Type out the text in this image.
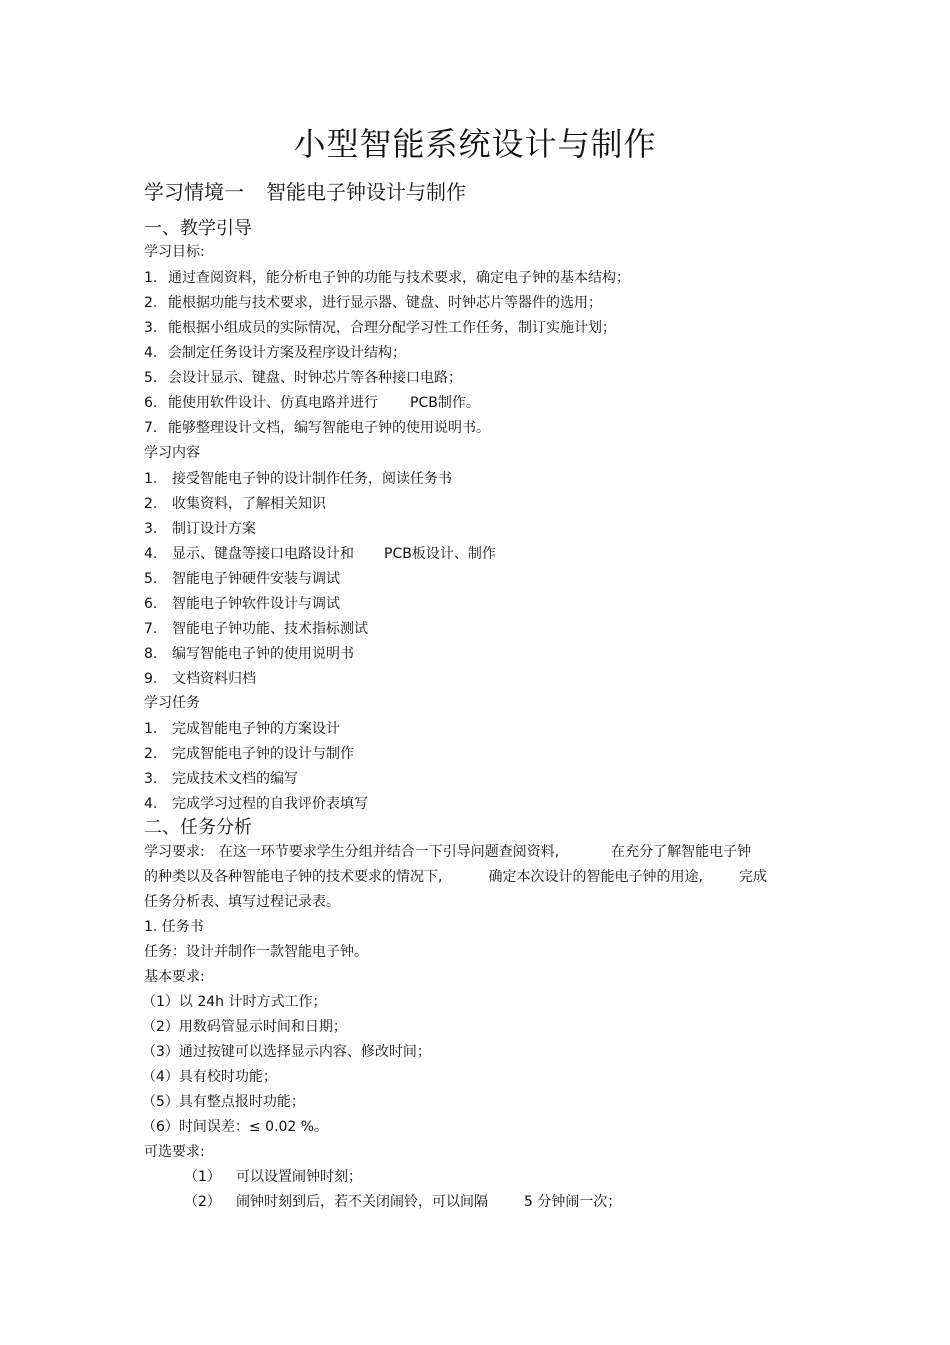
小型智能系统设计与制作
学习情境一 智能电子钟设计与制作
一、教学引导
学习目标:
1. 通过查阅资料，能分析电子钟的功能与技术要求，确定电子钟的基本结构；
2. 能根据功能与技术要求，进行显示器、键盘、时钟芯片等器件的选用；
3. 能根据小组成员的实际情况，合理分配学习性工作任务，制订实施计划；
4. 会制定任务设计方案及程序设计结构；
5. 会设计显示、键盘、时钟芯片等各种接口电路；
6. 能使用软件设计、仿真电路并进行 PCB制作。
7. 能够整理设计文档，编写智能电子钟的使用说明书。
学习内容
1. 接受智能电子钟的设计制作任务，阅读任务书
2. 收集资料，了解相关知识
3. 制订设计方案
4. 显示、键盘等接口电路设计和 PCB板设计、制作
5. 智能电子钟硬件安装与调试
6. 智能电子钟软件设计与调试
7. 智能电子钟功能、技术指标测试
8. 编写智能电子钟的使用说明书
9. 文档资料归档
学习任务
1. 完成智能电子钟的方案设计
2. 完成智能电子钟的设计与制作
3. 完成技术文档的编写
4. 完成学习过程的自我评价表填写
二、任务分析
学习要求: 在这一环节要求学生分组并结合一下引导问题查阅资料,	在充分了解智能电子钟
的种类以及各种智能电子钟的技术要求的情况下,	确定本次设计的智能电子钟的用途,	完成
任务分析表、填写过程记录表。
1. 任务书
任务：设计并制作一款智能电子钟。
基本要求:
（1）以 24h 计时方式工作；
（2）用数码管显示时间和日期；
（3）通过按键可以选择显示内容、修改时间；
（4）具有校时功能；
（5）具有整点报时功能；
（6）时间误差：≤ 0.02 %。
可选要求:
（1） 可以设置闹钟时刻；
（2） 闹钟时刻到后，若不关闭闹铃，可以间隔	5 分钟闹一次；
